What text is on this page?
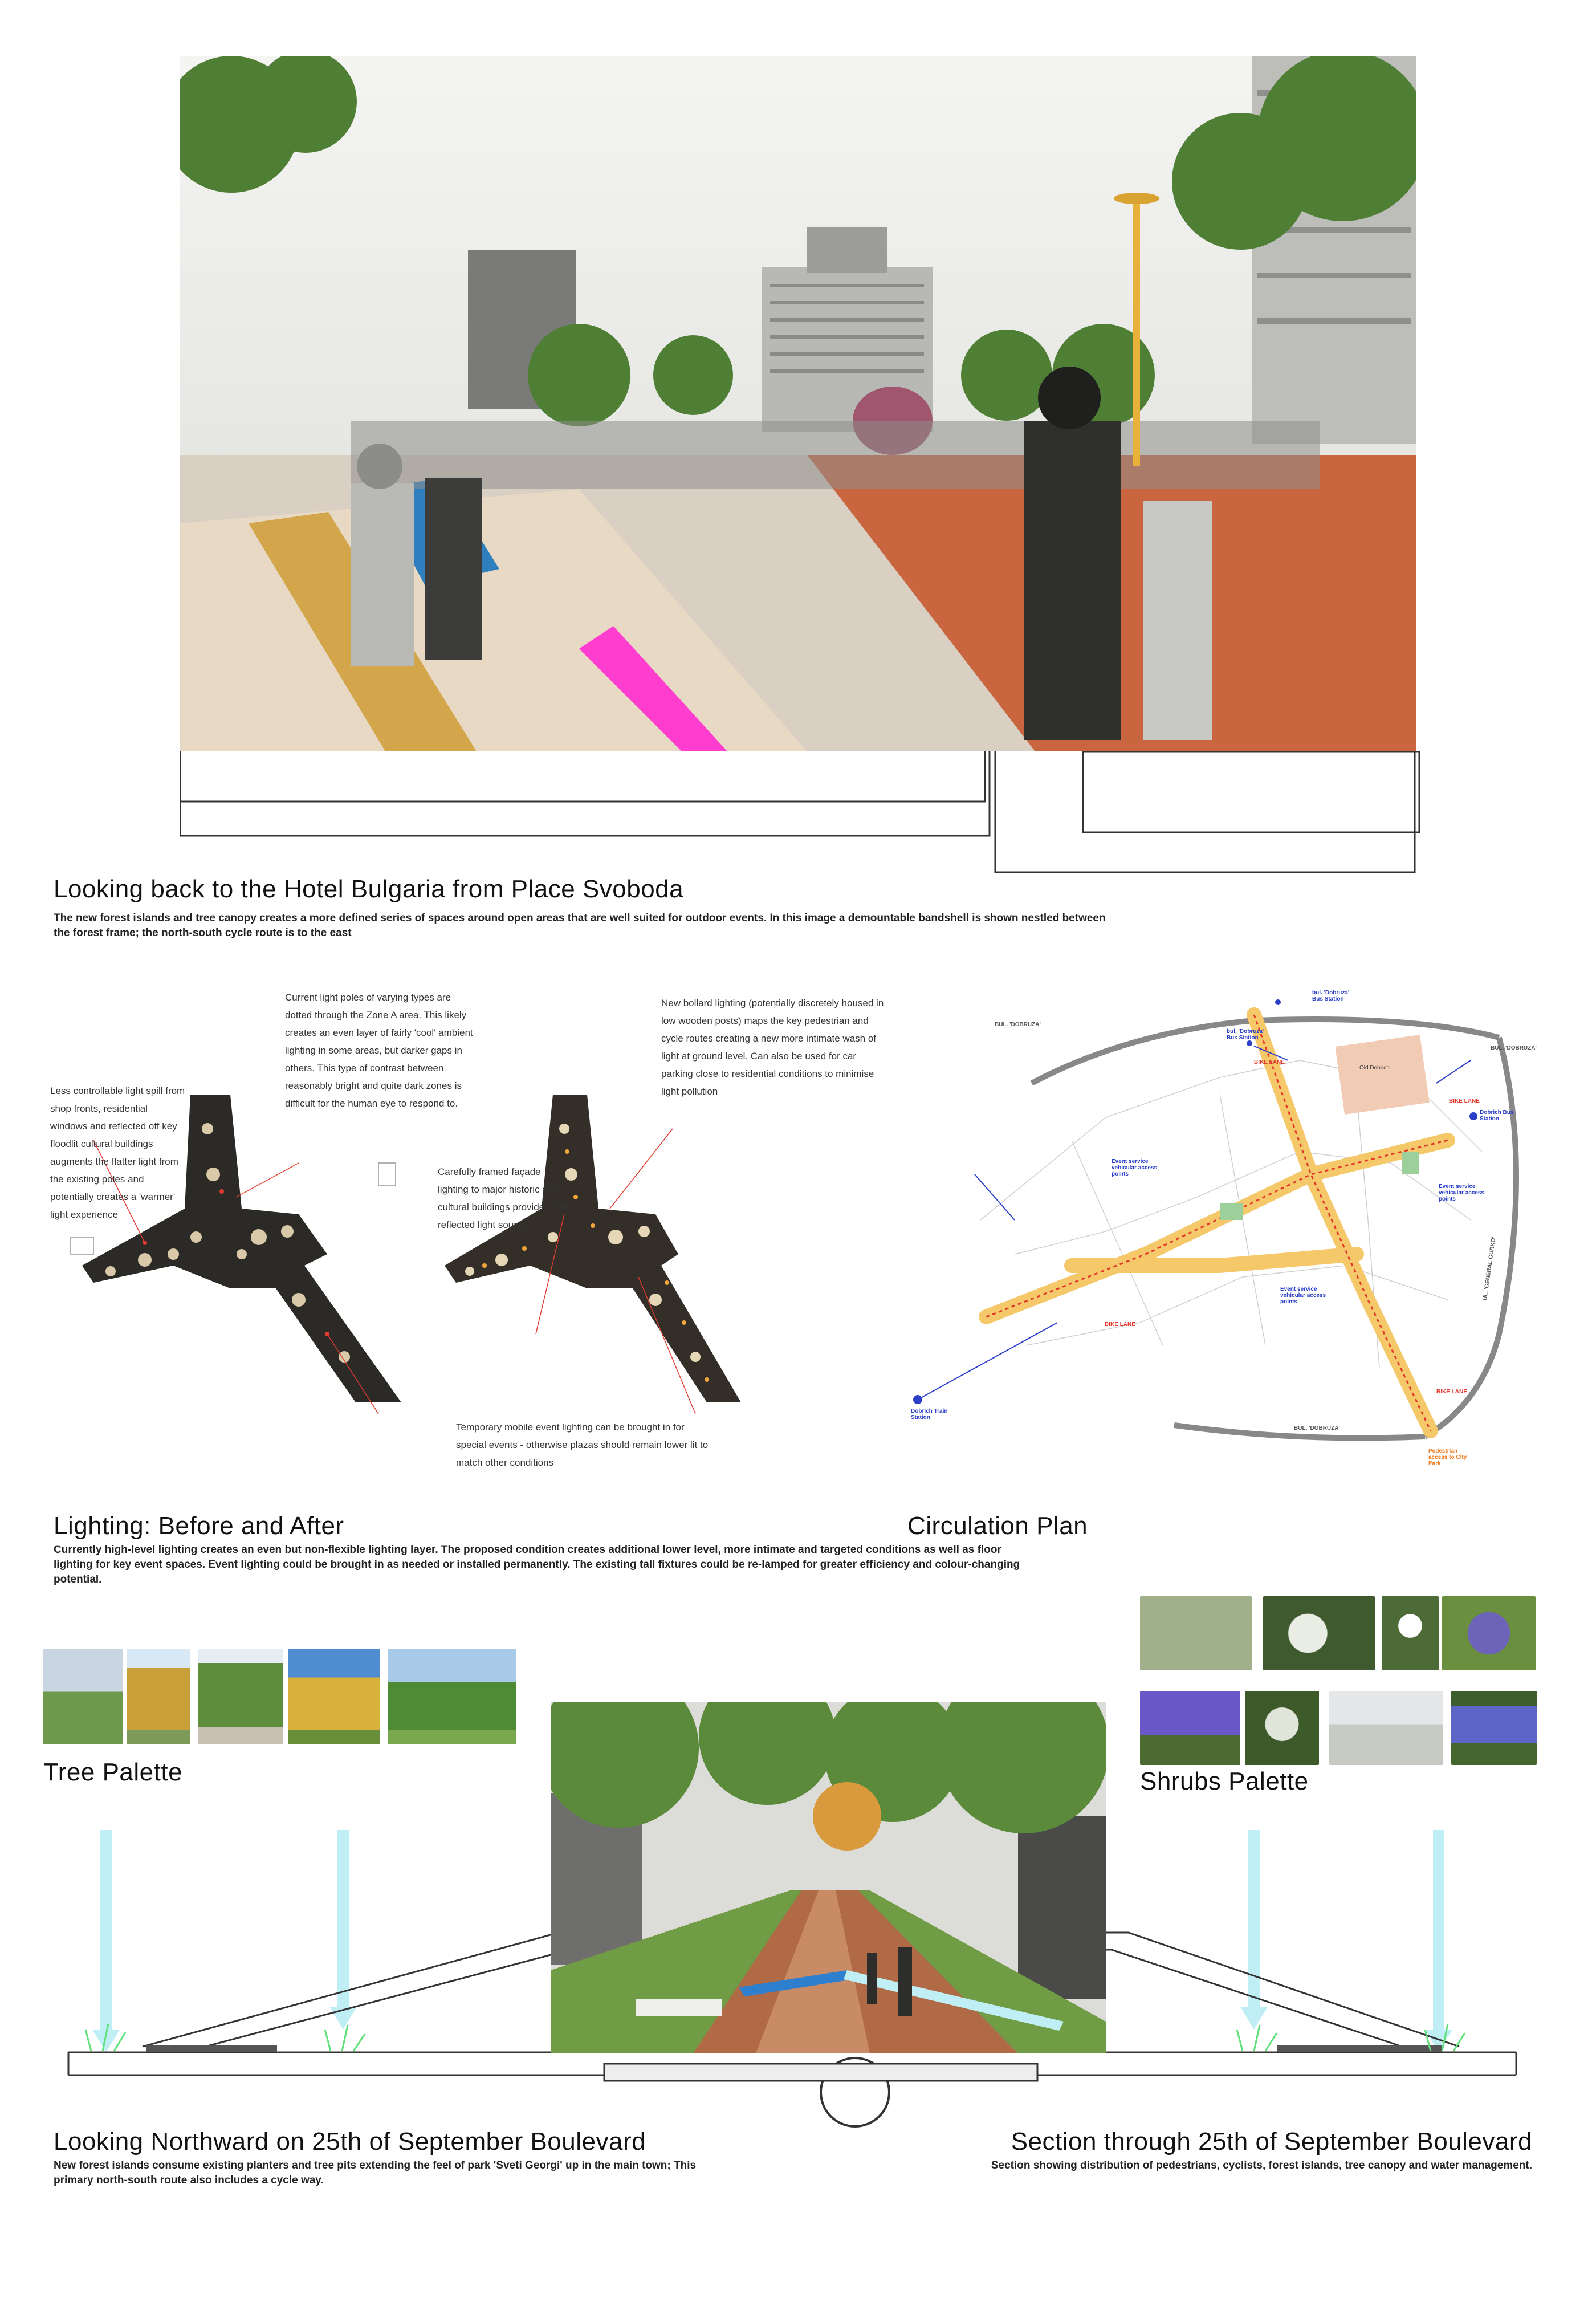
Looking back to the Hotel Bulgaria from Place Svoboda
The new forest islands and tree canopy creates a more defined series of spaces around open areas that are well suited for outdoor events. In this image a demountable bandshell is shown nestled between the forest frame; the north-south cycle route is to the east
Less controllable light spill from shop fronts, residential windows and reflected off key floodlit cultural buildings augments the flatter light from the existing poles and potentially creates a 'warmer' light experience
Current light poles of varying types are dotted through the Zone A area. This likely creates an even layer of fairly 'cool' ambient lighting in some areas, but darker gaps in others. This type of contrast between reasonably bright and quite dark zones is difficult for the human eye to respond to.
Carefully framed façade lighting to major historic and cultural buildings provides soft reflected light source
New bollard lighting (potentially discretely housed in low wooden posts) maps the key pedestrian and cycle routes creating a new more intimate wash of light at ground level. Can also be used for car parking close to residential conditions to minimise light pollution
Temporary mobile event lighting can be brought in for special events - otherwise plazas should remain lower lit to match other conditions
Lighting: Before and After
Currently high-level lighting creates an even but non-flexible lighting layer. The proposed condition creates additional lower level, more intimate and targeted conditions as well as floor lighting for key event spaces. Event lighting could be brought in as needed or installed permanently. The existing tall fixtures could be re-lamped for greater efficiency and colour-changing potential.
BUL. 'DOBRUZA'
BUL. 'DOBRUZA'
BUL. 'DOBRUZA'
UL. 'GENERAL GURKO'
BIKE LANE
BIKE LANE
BIKE LANE
BIKE LANE
bul. 'Dobruza' Bus Station
bul. 'Dobruza' Bus Station
Dobrich Bus Station
Old Dobrich
Event service vehicular access points
Event service vehicular access points
Event service vehicular access points
Dobrich Train Station
Pedestrian access to City Park
Circulation Plan
Tree Palette	Shrubs Palette
Looking Northward on 25th of September Boulevard
New forest islands consume existing planters and tree pits extending the feel of park 'Sveti Georgi' up in the main town; This primary north-south route also includes a cycle way.
Section through 25th of September Boulevard
Section showing distribution of pedestrians, cyclists, forest islands, tree canopy and water management.
